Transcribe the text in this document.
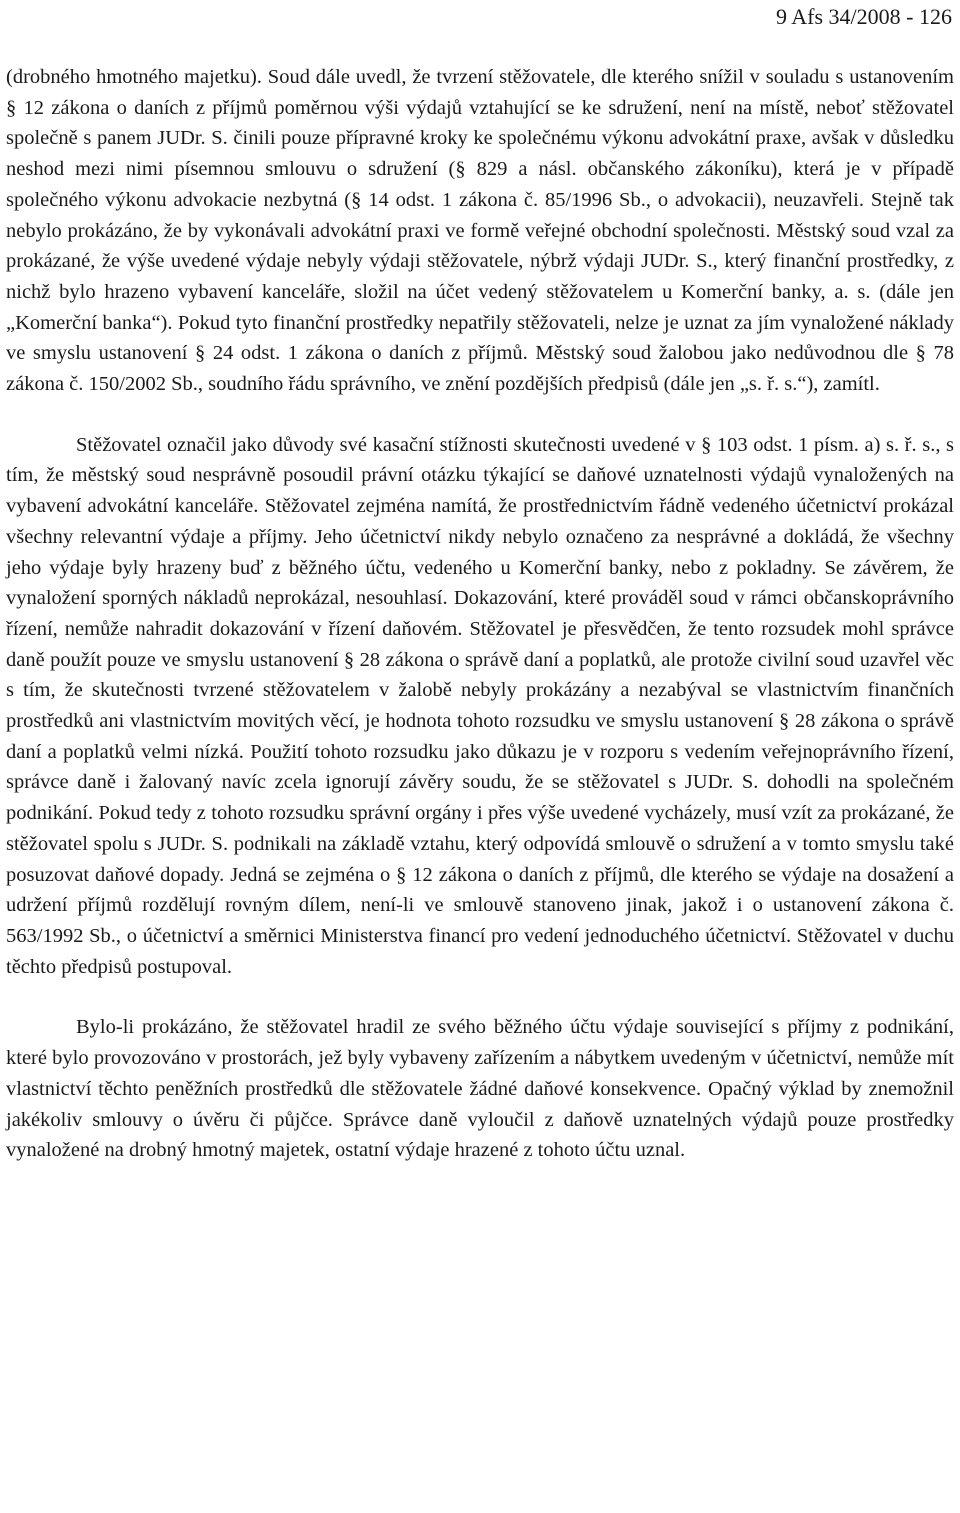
9 Afs 34/2008 - 126

(drobného hmotného majetku). Soud dále uvedl, že tvrzení stěžovatele, dle kterého snížil v souladu s ustanovením § 12 zákona o daních z příjmů poměrnou výši výdajů vztahující se ke sdružení, není na místě, neboť stěžovatel společně s panem JUDr. S. činili pouze přípravné kroky ke společnému výkonu advokátní praxe, avšak v důsledku neshod mezi nimi písemnou smlouvu o sdružení (§ 829 a násl. občanského zákoníku), která je v případě společného výkonu advokacie nezbytná (§ 14 odst. 1 zákona č. 85/1996 Sb., o advokacii), neuzavřeli. Stejně tak nebylo prokázáno, že by vykonávali advokátní praxi ve formě veřejné obchodní společnosti. Městský soud vzal za prokázané, že výše uvedené výdaje nebyly výdaji stěžovatele, nýbrž výdaji JUDr. S., který finanční prostředky, z nichž bylo hrazeno vybavení kanceláře, složil na účet vedený stěžovatelem u Komerční banky, a. s. (dále jen „Komerční banka“). Pokud tyto finanční prostředky nepatřily stěžovateli, nelze je uznat za jím vynaložené náklady ve smyslu ustanovení § 24 odst. 1 zákona o daních z příjmů. Městský soud žalobou jako nedůvodnou dle § 78 zákona č. 150/2002 Sb., soudního řádu správního, ve znění pozdějších předpisů (dále jen „s. ř. s.“), zamítl.

Stěžovatel označil jako důvody své kasační stížnosti skutečnosti uvedené v § 103 odst. 1 písm. a) s. ř. s., s tím, že městský soud nesprávně posoudil právní otázku týkající se daňové uznatelnosti výdajů vynaložených na vybavení advokátní kanceláře. Stěžovatel zejména namítá, že prostřednictvím řádně vedeného účetnictví prokázal všechny relevantní výdaje a příjmy. Jeho účetnictví nikdy nebylo označeno za nesprávné a dokládá, že všechny jeho výdaje byly hrazeny buď z běžného účtu, vedeného u Komerční banky, nebo z pokladny. Se závěrem, že vynaložení sporných nákladů neprokázal, nesouhlasí. Dokazování, které prováděl soud v rámci občanskoprávního řízení, nemůže nahradit dokazování v řízení daňovém. Stěžovatel je přesvědčen, že tento rozsudek mohl správce daně použít pouze ve smyslu ustanovení § 28 zákona o správě daní a poplatků, ale protože civilní soud uzavřel věc s tím, že skutečnosti tvrzené stěžovatelem v žalobě nebyly prokázány a nezabýval se vlastnictvím finančních prostředků ani vlastnictvím movitých věcí, je hodnota tohoto rozsudku ve smyslu ustanovení § 28 zákona o správě daní a poplatků velmi nízká. Použití tohoto rozsudku jako důkazu je v rozporu s vedením veřejnoprávního řízení, správce daně i žalovaný navíc zcela ignorují závěry soudu, že se stěžovatel s JUDr. S. dohodli na společném podnikání. Pokud tedy z tohoto rozsudku správní orgány i přes výše uvedené vycházely, musí vzít za prokázané, že stěžovatel spolu s JUDr. S. podnikali na základě vztahu, který odpovídá smlouvě o sdružení a v tomto smyslu také posuzovat daňové dopady. Jedná se zejména o § 12 zákona o daních z příjmů, dle kterého se výdaje na dosažení a udržení příjmů rozdělují rovným dílem, není-li ve smlouvě stanoveno jinak, jakož i o ustanovení zákona č. 563/1992 Sb., o účetnictví a směrnici Ministerstva financí pro vedení jednoduchého účetnictví. Stěžovatel v duchu těchto předpisů postupoval.

Bylo-li prokázáno, že stěžovatel hradil ze svého běžného účtu výdaje související s příjmy z podnikání, které bylo provozováno v prostorách, jež byly vybaveny zařízením a nábytkem uvedeným v účetnictví, nemůže mít vlastnictví těchto peněžních prostředků dle stěžovatele žádné daňové konsekvence. Opačný výklad by znemožnil jakékoliv smlouvy o úvěru či půjčce. Správce daně vyloučil z daňově uznatelných výdajů pouze prostředky vynaložené na drobný hmotný majetek, ostatní výdaje hrazené z tohoto účtu uznal.
